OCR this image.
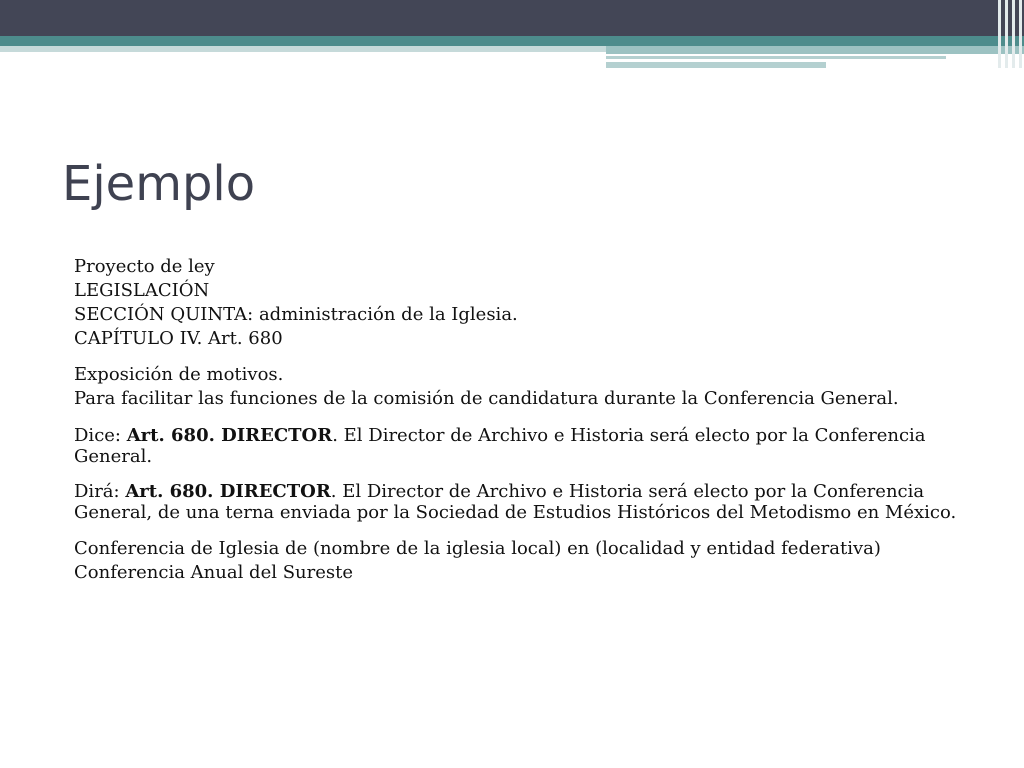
Ejemplo

Proyecto de ley

LEGISLACIÓN

SECCIÓN QUINTA: administración de la Iglesia.

CAPÍTULO IV. Art. 680

Exposición de motivos.

Para facilitar las funciones de la comisión de candidatura durante la Conferencia General.

Dice: Art. 680. DIRECTOR. El Director de Archivo e Historia será electo por la Conferencia General.

Dirá: Art. 680. DIRECTOR. El Director de Archivo e Historia será electo por la Conferencia General, de una terna enviada por la Sociedad de Estudios Históricos del Metodismo en México.

Conferencia de Iglesia de (nombre de la iglesia local) en (localidad y entidad federativa)

Conferencia Anual del Sureste
